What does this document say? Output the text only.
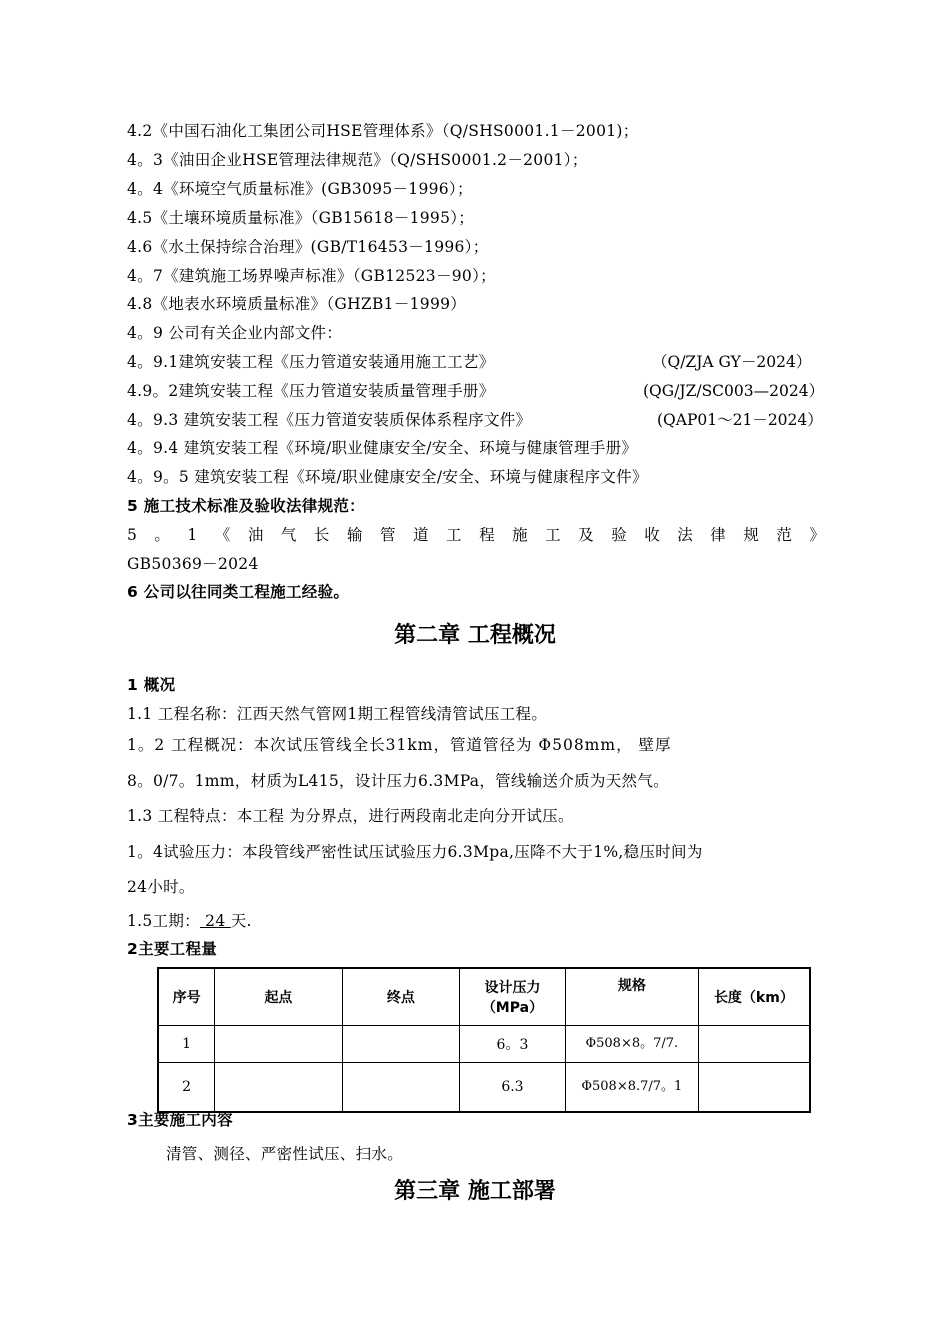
4.2《中国石油化工集团公司HSE管理体系》（Q/SHS0001.1－2001)；
4。3《油田企业HSE管理法律规范》（Q/SHS0001.2－2001）；
4。4《环境空气质量标准》(GB3095－1996）；
4.5《土壤环境质量标准》（GB15618－1995）；
4.6《水土保持综合治理》(GB/T16453－1996）；
4。7《建筑施工场界噪声标准》（GB12523－90）；
4.8《地表水环境质量标准》（GHZB1－1999）
4。9 公司有关企业内部文件：
4。9.1建筑安装工程《压力管道安装通用施工工艺》	（Q/ZJA GY－2024）
4.9。2建筑安装工程《压力管道安装质量管理手册》	(QG/JZ/SC003—2024）
4。9.3 建筑安装工程《压力管道安装质保体系程序文件》	(QAP01～21－2024）
4。9.4 建筑安装工程《环境/职业健康安全/安全、环境与健康管理手册》
4。9。5 建筑安装工程《环境/职业健康安全/安全、环境与健康程序文件》
5 施工技术标准及验收法律规范：
5 。 1 《 油 气 长 输 管 道 工 程 施 工 及 验 收 法 律 规 范 》
GB50369－2024
6 公司以往同类工程施工经验。
第二章 工程概况
1 概况
1.1 工程名称：江西天然气管网1期工程管线清管试压工程。
1。2 工程概况：本次试压管线全长31km，管道管径为 Φ508mm， 壁厚
8。0/7。1mm，材质为L415，设计压力6.3MPa，管线输送介质为天然气。
1.3 工程特点：本工程 为分界点，进行两段南北走向分开试压。
1。4试验压力：本段管线严密性试压试验压力6.3Mpa,压降不大于1%,稳压时间为
24小时。
1.5工期： 24 天.
2主要工程量
序号	起点	终点	设计压力（MPa）	规格	长度（km）
1			6。3	Φ508×8。7/7.	
2			6.3	Φ508×8.7/7。1	
3主要施工内容
清管、测径、严密性试压、扫水。
第三章 施工部署
